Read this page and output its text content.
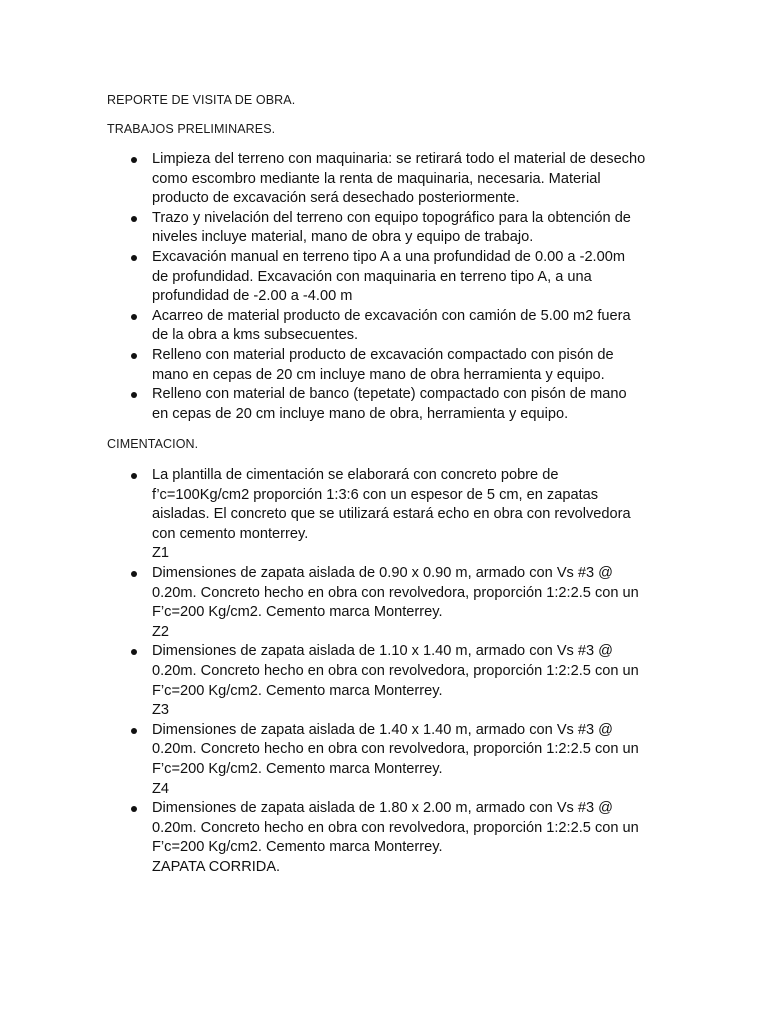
REPORTE DE VISITA DE OBRA.
TRABAJOS PRELIMINARES.
Limpieza del terreno con maquinaria: se retirará todo el material de desecho
como escombro mediante la renta de maquinaria, necesaria. Material
producto de excavación será desechado posteriormente.
Trazo y nivelación del terreno con equipo topográfico para la obtención de
niveles incluye material, mano de obra y equipo de trabajo.
Excavación manual en terreno tipo A a una profundidad de 0.00 a -2.00m
de profundidad. Excavación con maquinaria en terreno tipo A, a una
profundidad de -2.00 a -4.00 m
Acarreo de material producto de excavación con camión de 5.00 m2 fuera
de la obra a kms subsecuentes.
Relleno con material producto de excavación compactado con pisón de
mano en cepas de 20 cm incluye mano de obra herramienta y equipo.
Relleno con material de banco (tepetate) compactado con pisón de mano
en cepas de 20 cm incluye mano de obra, herramienta y equipo.
CIMENTACION.
La plantilla de cimentación se elaborará con concreto pobre de
f’c=100Kg/cm2 proporción 1:3:6 con un espesor de 5 cm, en zapatas
aisladas. El concreto que se utilizará estará echo en obra con revolvedora
con cemento monterrey.
Z1
Dimensiones de zapata aislada de 0.90 x 0.90 m, armado con Vs #3 @
0.20m. Concreto hecho en obra con revolvedora, proporción 1:2:2.5 con un
F’c=200 Kg/cm2. Cemento marca Monterrey.
Z2
Dimensiones de zapata aislada de 1.10 x 1.40 m, armado con Vs #3 @
0.20m. Concreto hecho en obra con revolvedora, proporción 1:2:2.5 con un
F’c=200 Kg/cm2. Cemento marca Monterrey.
Z3
Dimensiones de zapata aislada de 1.40 x 1.40 m, armado con Vs #3 @
0.20m. Concreto hecho en obra con revolvedora, proporción 1:2:2.5 con un
F’c=200 Kg/cm2. Cemento marca Monterrey.
Z4
Dimensiones de zapata aislada de 1.80 x 2.00 m, armado con Vs #3 @
0.20m. Concreto hecho en obra con revolvedora, proporción 1:2:2.5 con un
F’c=200 Kg/cm2. Cemento marca Monterrey.
ZAPATA CORRIDA.
